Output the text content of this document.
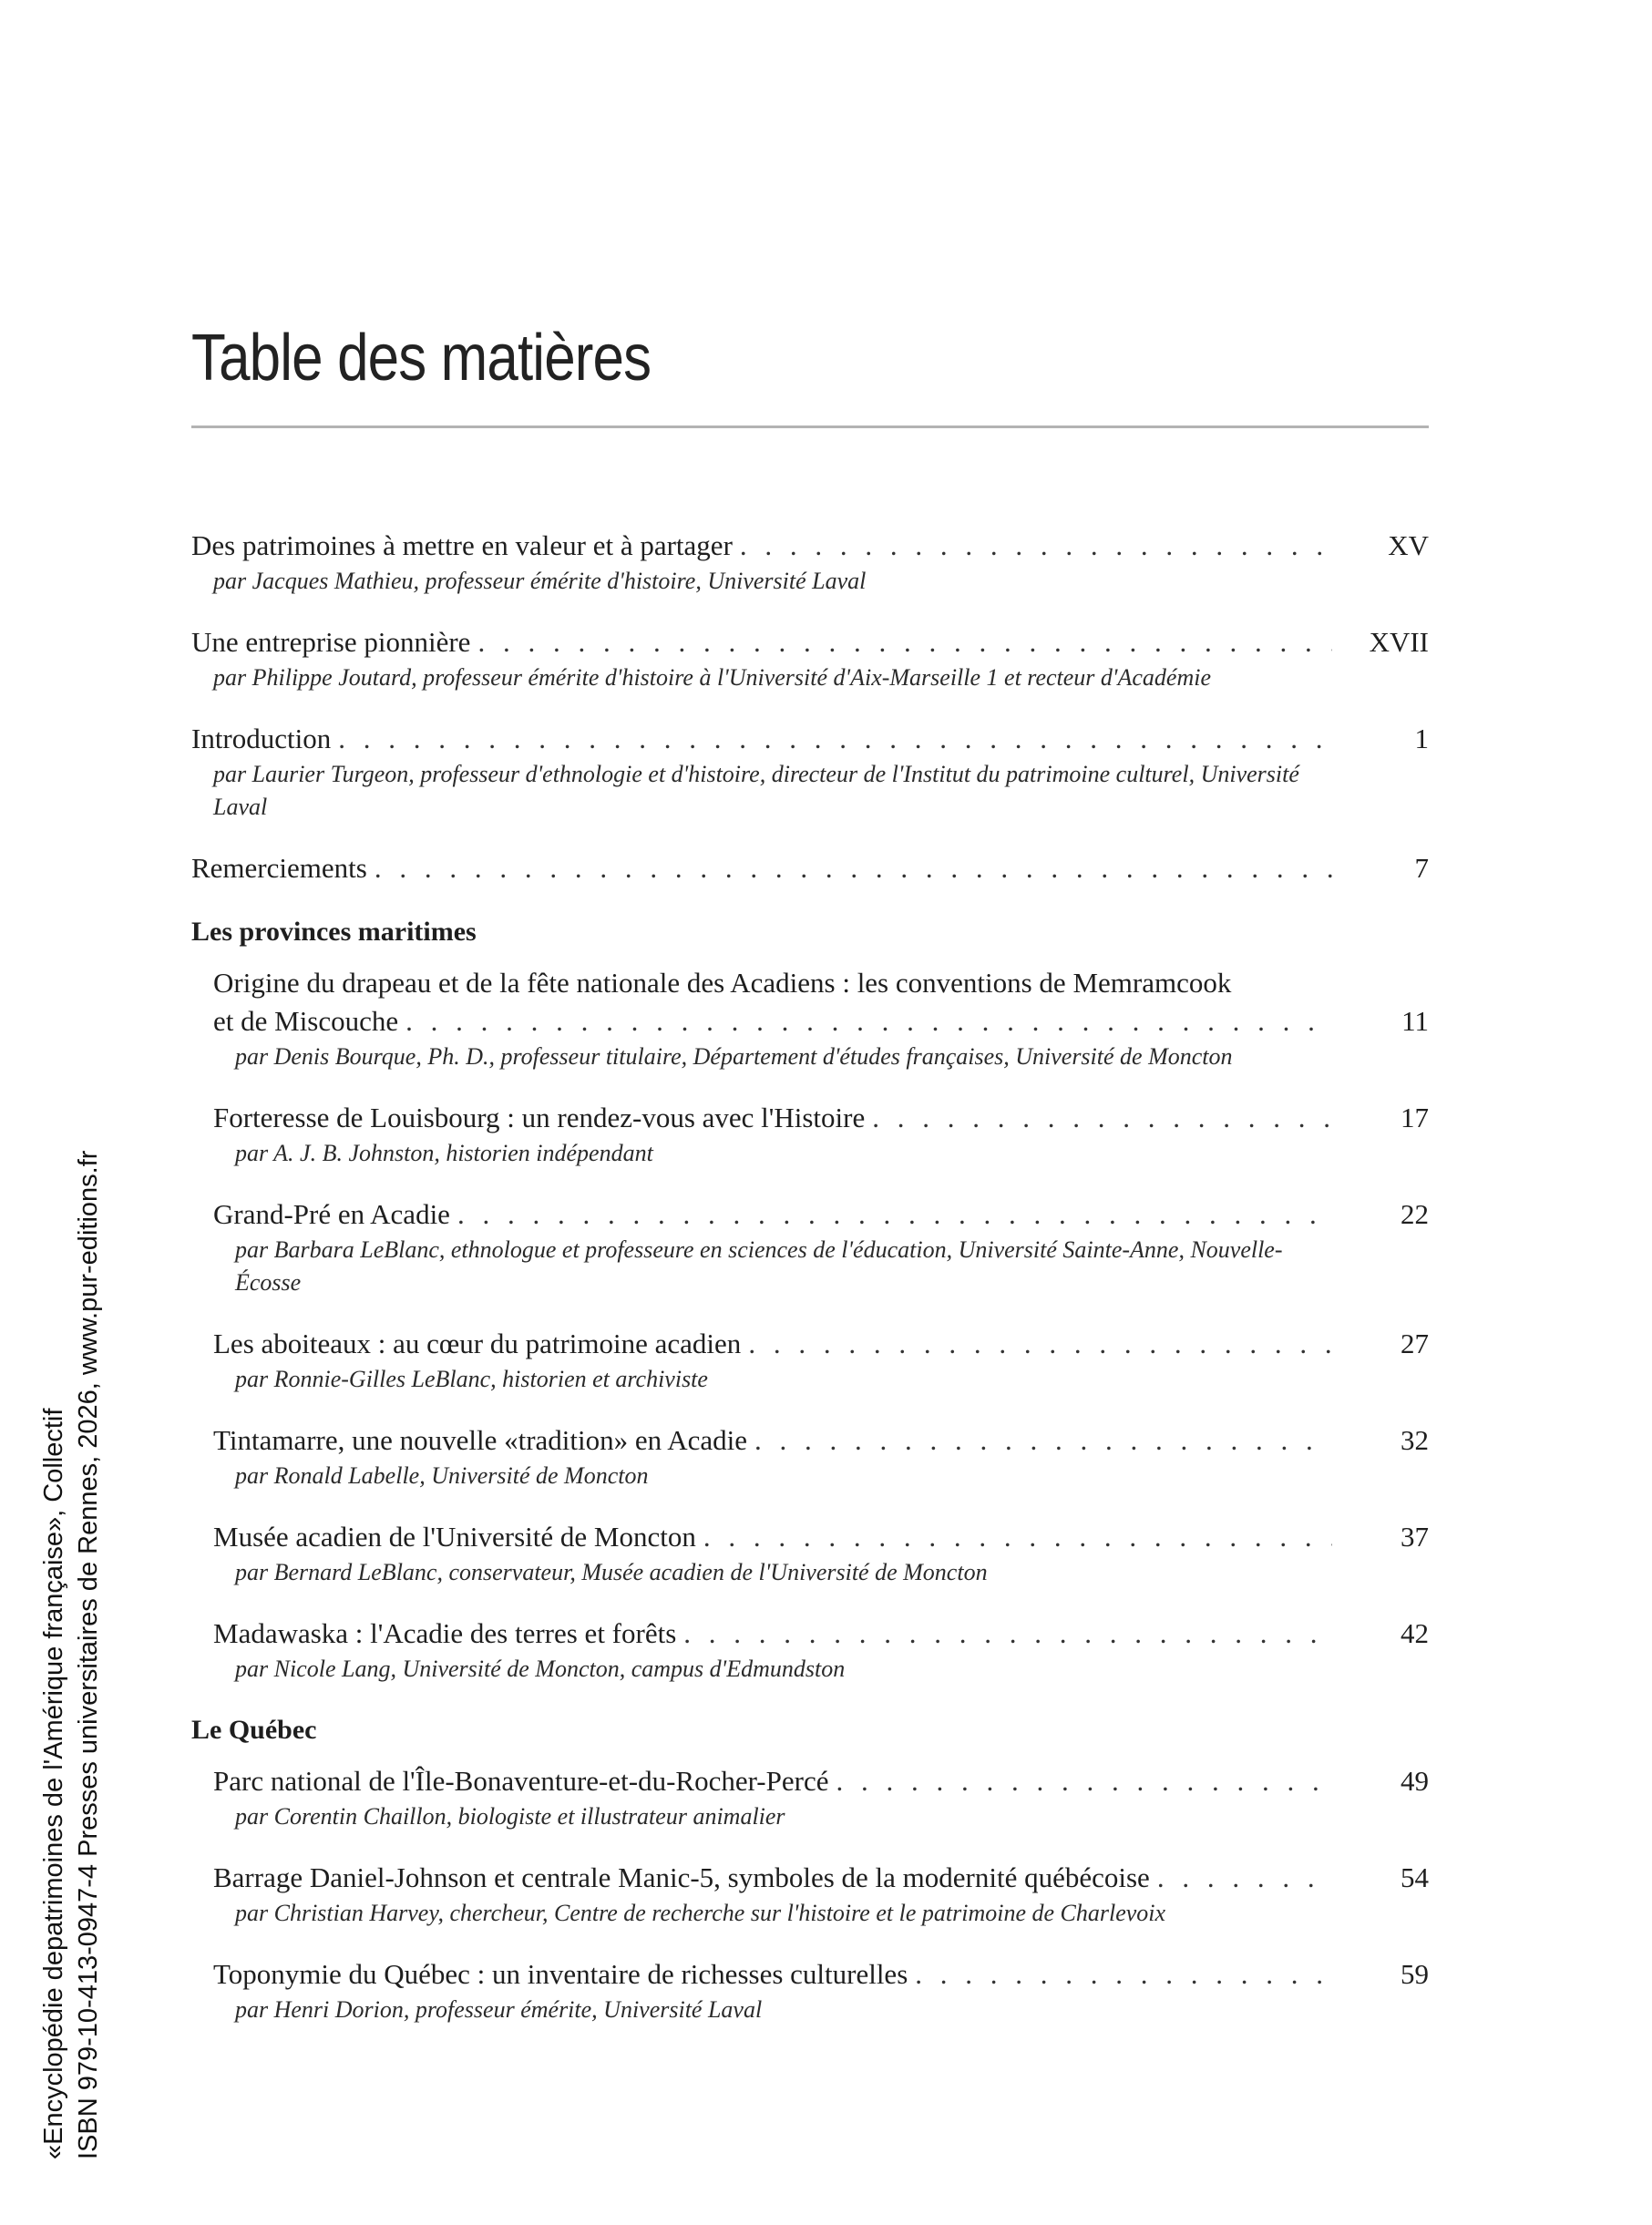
Table des matières
Des patrimoines à mettre en valeur et à partager . . .	XV
par Jacques Mathieu, professeur émérite d'histoire, Université Laval
Une entreprise pionnière . . .	XVII
par Philippe Joutard, professeur émérite d'histoire à l'Université d'Aix-Marseille 1 et recteur d'Académie
Introduction . . .	1
par Laurier Turgeon, professeur d'ethnologie et d'histoire, directeur de l'Institut du patrimoine culturel, Université Laval
Remerciements . . .	7
Les provinces maritimes
Origine du drapeau et de la fête nationale des Acadiens : les conventions de Memramcook
et de Miscouche . . .	11
par Denis Bourque, Ph. D., professeur titulaire, Département d'études françaises, Université de Moncton
Forteresse de Louisbourg : un rendez-vous avec l'Histoire . . .	17
par A. J. B. Johnston, historien indépendant
Grand-Pré en Acadie . . .	22
par Barbara LeBlanc, ethnologue et professeure en sciences de l'éducation, Université Sainte-Anne, Nouvelle-Écosse
Les aboiteaux : au cœur du patrimoine acadien . . .	27
par Ronnie-Gilles LeBlanc, historien et archiviste
Tintamarre, une nouvelle «tradition» en Acadie . . .	32
par Ronald Labelle, Université de Moncton
Musée acadien de l'Université de Moncton . . .	37
par Bernard LeBlanc, conservateur, Musée acadien de l'Université de Moncton
Madawaska : l'Acadie des terres et forêts . . .	42
par Nicole Lang, Université de Moncton, campus d'Edmundston
Le Québec
Parc national de l'Île-Bonaventure-et-du-Rocher-Percé . . .	49
par Corentin Chaillon, biologiste et illustrateur animalier
Barrage Daniel-Johnson et centrale Manic-5, symboles de la modernité québécoise . . .	54
par Christian Harvey, chercheur, Centre de recherche sur l'histoire et le patrimoine de Charlevoix
Toponymie du Québec : un inventaire de richesses culturelles . . .	59
par Henri Dorion, professeur émérite, Université Laval
«Encyclopédie depatrimoines de l'Amérique française», Collectif ISBN 979-10-413-0947-4 Presses universitaires de Rennes, 2026, www.pur-editions.fr
